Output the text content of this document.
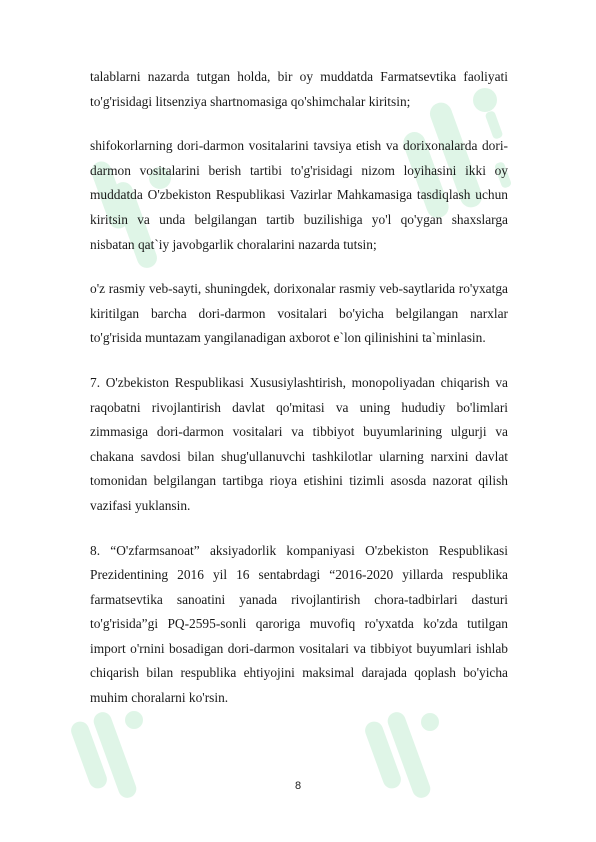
talablarni nazarda tutgan holda, bir oy muddatda Farmatsevtika faoliyati to'g'risidagi litsenziya shartnomasiga qo'shimchalar kiritsin;

shifokorlarning dori-darmon vositalarini tavsiya etish va dorixonalarda dori-darmon vositalarini berish tartibi to'g'risidagi nizom loyihasini ikki oy muddatda O'zbekiston Respublikasi Vazirlar Mahkamasiga tasdiqlash uchun kiritsin va unda belgilangan tartib buzilishiga yo'l qo'ygan shaxslarga nisbatan qat`iy javobgarlik choralarini nazarda tutsin;

o'z rasmiy veb-sayti, shuningdek, dorixonalar rasmiy veb-saytlarida ro'yxatga kiritilgan barcha dori-darmon vositalari bo'yicha belgilangan narxlar to'g'risida muntazam yangilanadigan axborot e`lon qilinishini ta`minlasin.

7. O'zbekiston Respublikasi Xususiylashtirish, monopoliyadan chiqarish va raqobatni rivojlantirish davlat qo'mitasi va uning hududiy bo'limlari zimmasiga dori-darmon vositalari va tibbiyot buyumlarining ulgurji va chakana savdosi bilan shug'ullanuvchi tashkilotlar ularning narxini davlat tomonidan belgilangan tartibga rioya etishini tizimli asosda nazorat qilish vazifasi yuklansin.

8. “O'zfarmsanoat” aksiyadorlik kompaniyasi O'zbekiston Respublikasi Prezidentining 2016 yil 16 sentabrdagi “2016-2020 yillarda respublika farmatsevtika sanoatini yanada rivojlantirish chora-tadbirlari dasturi to'g'risida”gi PQ-2595-sonli qaroriga muvofiq ro'yxatda ko'zda tutilgan import o'rnini bosadigan dori-darmon vositalari va tibbiyot buyumlari ishlab chiqarish bilan respublika ehtiyojini maksimal darajada qoplash bo'yicha muhim choralarni ko'rsin.

8
